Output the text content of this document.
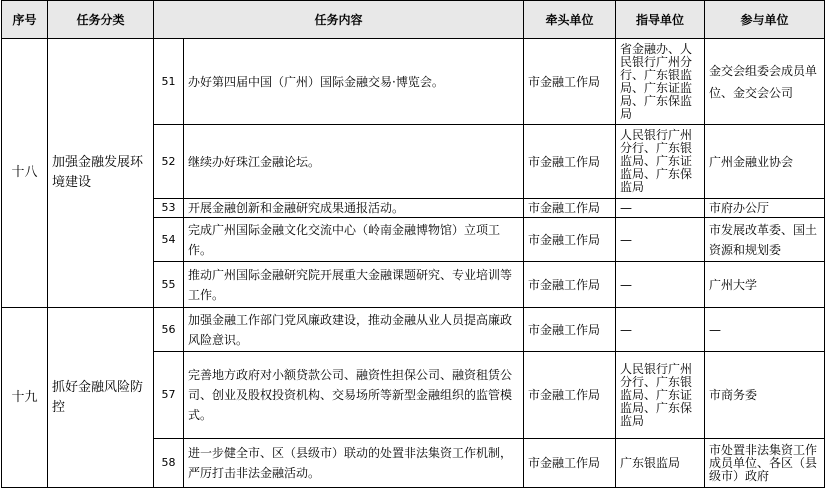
序号	任务分类	任务内容		牵头单位	指导单位	参与单位
十八	加强金融发展环境建设	51	办好第四届中国（广州）国际金融交易·博览会。	市金融工作局	省金融办、人民银行广州分行、广东银监局、广东证监局、广东保监局	金交会组委会成员单位、金交会公司
		52	继续办好珠江金融论坛。	市金融工作局	人民银行广州分行、广东银监局、广东证监局、广东保监局	广州金融业协会
		53	开展金融创新和金融研究成果通报活动。	市金融工作局	—	市府办公厅
		54	完成广州国际金融文化交流中心（岭南金融博物馆）立项工作。	市金融工作局	—	市发展改革委、国土资源和规划委
		55	推动广州国际金融研究院开展重大金融课题研究、专业培训等工作。	市金融工作局	—	广州大学
十九	抓好金融风险防控	56	加强金融工作部门党风廉政建设，推动金融从业人员提高廉政风险意识。	市金融工作局	—	—
		57	完善地方政府对小额贷款公司、融资性担保公司、融资租赁公司、创业及股权投资机构、交易场所等新型金融组织的监管模式。	市金融工作局	人民银行广州分行、广东银监局、广东证监局、广东保监局	市商务委
		58	进一步健全市、区（县级市）联动的处置非法集资工作机制，严厉打击非法金融活动。	市金融工作局	广东银监局	市处置非法集资工作成员单位、各区（县级市）政府
